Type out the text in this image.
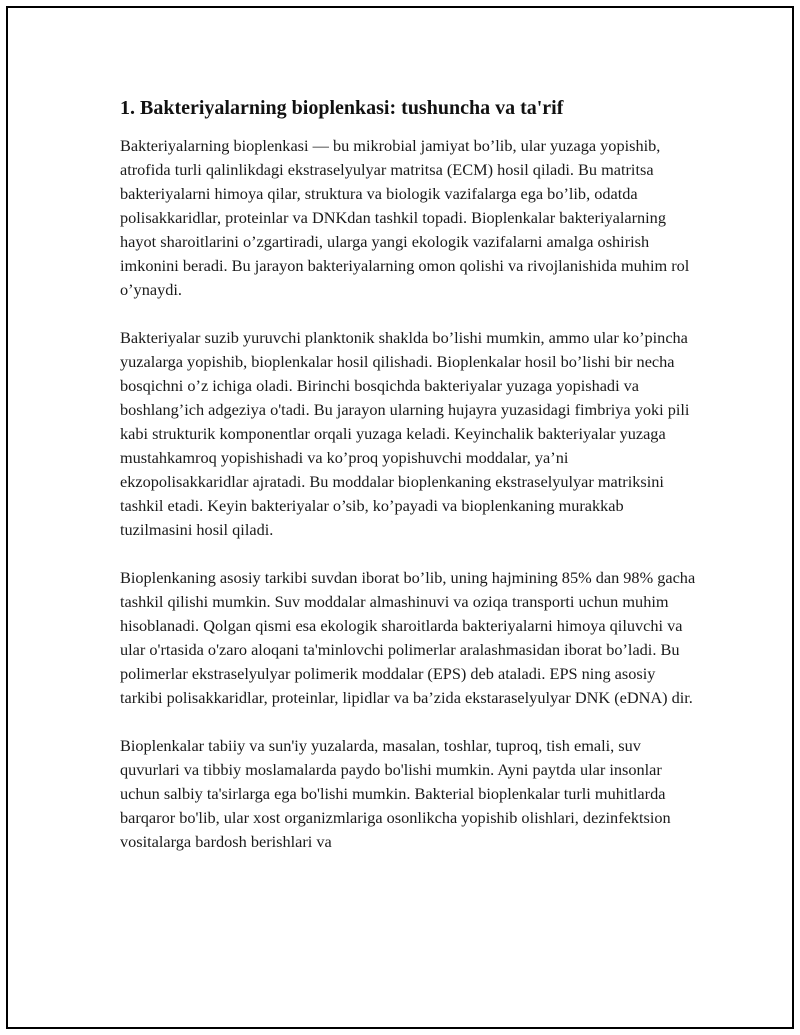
1. Bakteriyalarning bioplenkasi: tushuncha va ta'rif

Bakteriyalarning bioplenkasi — bu mikrobial jamiyat bo’lib, ular yuzaga yopishib, atrofida turli qalinlikdagi ekstraselyulyar matritsa (ECM) hosil qiladi. Bu matritsa bakteriyalarni himoya qilar, struktura va biologik vazifalarga ega bo’lib, odatda polisakkaridlar, proteinlar va DNKdan tashkil topadi. Bioplenkalar bakteriyalarning hayot sharoitlarini o’zgartiradi, ularga yangi ekologik vazifalarni amalga oshirish imkonini beradi. Bu jarayon bakteriyalarning omon qolishi va rivojlanishida muhim rol o’ynaydi.

Bakteriyalar suzib yuruvchi planktonik shaklda bo’lishi mumkin, ammo ular ko’pincha yuzalarga yopishib, bioplenkalar hosil qilishadi. Bioplenkalar hosil bo’lishi bir necha bosqichni o’z ichiga oladi. Birinchi bosqichda bakteriyalar yuzaga yopishadi va boshlang’ich adgeziya o'tadi. Bu jarayon ularning hujayra yuzasidagi fimbriya yoki pili kabi strukturik komponentlar orqali yuzaga keladi. Keyinchalik bakteriyalar yuzaga mustahkamroq yopishishadi va ko’proq yopishuvchi moddalar, ya’ni ekzopolisakkaridlar ajratadi. Bu moddalar bioplenkaning ekstraselyulyar matriksini tashkil etadi. Keyin bakteriyalar o’sib, ko’payadi va bioplenkaning murakkab tuzilmasini hosil qiladi.

Bioplenkaning asosiy tarkibi suvdan iborat bo’lib, uning hajmining 85% dan 98% gacha tashkil qilishi mumkin. Suv moddalar almashinuvi va oziqa transporti uchun muhim hisoblanadi. Qolgan qismi esa ekologik sharoitlarda bakteriyalarni himoya qiluvchi va ular o'rtasida o'zaro aloqani ta'minlovchi polimerlar aralashmasidan iborat bo’ladi. Bu polimerlar ekstraselyulyar polimerik moddalar (EPS) deb ataladi. EPS ning asosiy tarkibi polisakkaridlar, proteinlar, lipidlar va ba’zida ekstaraselyulyar DNK (eDNA) dir.

Bioplenkalar tabiiy va sun'iy yuzalarda, masalan, toshlar, tuproq, tish emali, suv quvurlari va tibbiy moslamalarda paydo bo'lishi mumkin. Ayni paytda ular insonlar uchun salbiy ta'sirlarga ega bo'lishi mumkin. Bakterial bioplenkalar turli muhitlarda barqaror bo'lib, ular xost organizmlariga osonlikcha yopishib olishlari, dezinfektsion vositalarga bardosh berishlari va
